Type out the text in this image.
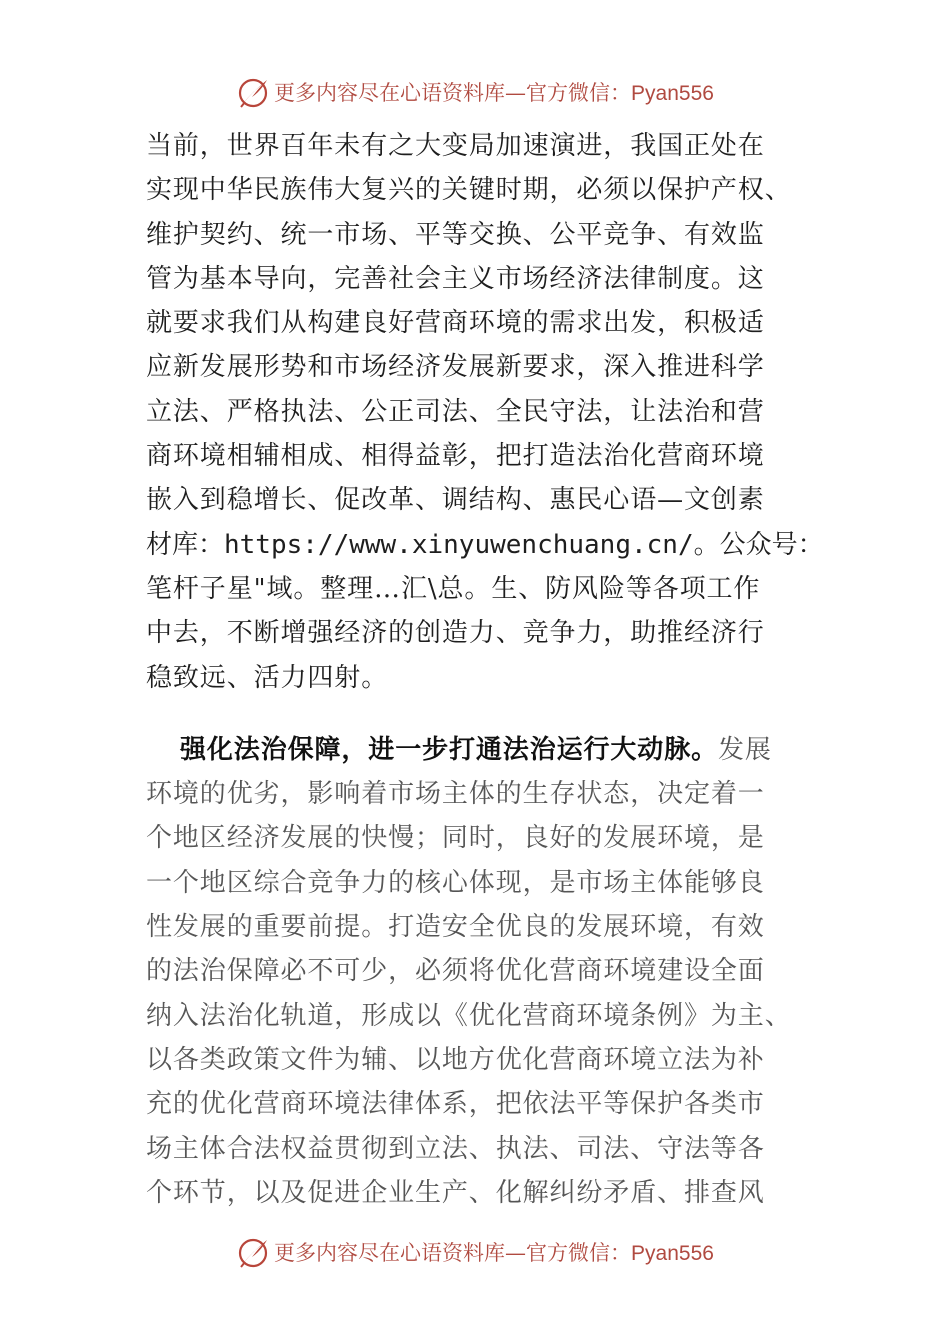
更多内容尽在心语资料库—官方微信：Pyan556
当前，世界百年未有之大变局加速演进，我国正处在
实现中华民族伟大复兴的关键时期，必须以保护产权、
维护契约、统一市场、平等交换、公平竞争、有效监
管为基本导向，完善社会主义市场经济法律制度。这
就要求我们从构建良好营商环境的需求出发，积极适
应新发展形势和市场经济发展新要求，深入推进科学
立法、严格执法、公正司法、全民守法，让法治和营
商环境相辅相成、相得益彰，把打造法治化营商环境
嵌入到稳增长、促改革、调结构、惠民心语—文创素
材库：https://www.xinyuwenchuang.cn/。公众号：
笔杆子星"域。整理…汇\总。生、防风险等各项工作
中去，不断增强经济的创造力、竞争力，助推经济行
稳致远、活力四射。
强化法治保障，进一步打通法治运行大动脉。发展
环境的优劣，影响着市场主体的生存状态，决定着一
个地区经济发展的快慢；同时，良好的发展环境，是
一个地区综合竞争力的核心体现，是市场主体能够良
性发展的重要前提。打造安全优良的发展环境，有效
的法治保障必不可少，必须将优化营商环境建设全面
纳入法治化轨道，形成以《优化营商环境条例》为主、
以各类政策文件为辅、以地方优化营商环境立法为补
充的优化营商环境法律体系，把依法平等保护各类市
场主体合法权益贯彻到立法、执法、司法、守法等各
个环节，以及促进企业生产、化解纠纷矛盾、排查风
更多内容尽在心语资料库—官方微信：Pyan556
